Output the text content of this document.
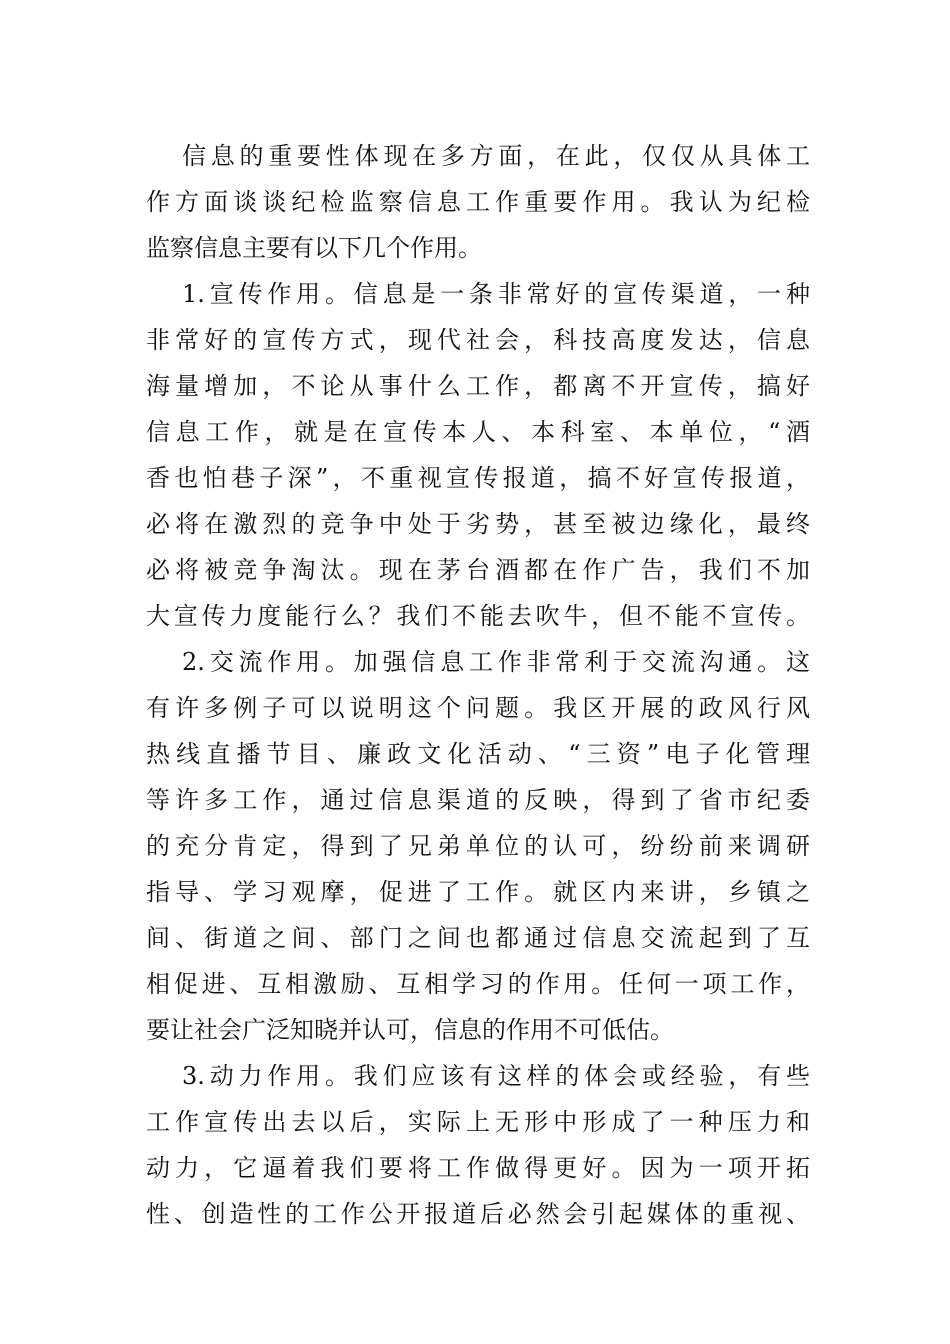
信息的重要性体现在多方面，在此，仅仅从具体工
作方面谈谈纪检监察信息工作重要作用。我认为纪检
监察信息主要有以下几个作用。
1.宣传作用。信息是一条非常好的宣传渠道，一种
非常好的宣传方式，现代社会，科技高度发达，信息
海量增加，不论从事什么工作，都离不开宣传，搞好
信息工作，就是在宣传本人、本科室、本单位，“酒
香也怕巷子深”，不重视宣传报道，搞不好宣传报道，
必将在激烈的竞争中处于劣势，甚至被边缘化，最终
必将被竞争淘汰。现在茅台酒都在作广告，我们不加
大宣传力度能行么？我们不能去吹牛，但不能不宣传。
2.交流作用。加强信息工作非常利于交流沟通。这
有许多例子可以说明这个问题。我区开展的政风行风
热线直播节目、廉政文化活动、“三资”电子化管理
等许多工作，通过信息渠道的反映，得到了省市纪委
的充分肯定，得到了兄弟单位的认可，纷纷前来调研
指导、学习观摩，促进了工作。就区内来讲，乡镇之
间、街道之间、部门之间也都通过信息交流起到了互
相促进、互相激励、互相学习的作用。任何一项工作，
要让社会广泛知晓并认可，信息的作用不可低估。
3.动力作用。我们应该有这样的体会或经验，有些
工作宣传出去以后，实际上无形中形成了一种压力和
动力，它逼着我们要将工作做得更好。因为一项开拓
性、创造性的工作公开报道后必然会引起媒体的重视、
